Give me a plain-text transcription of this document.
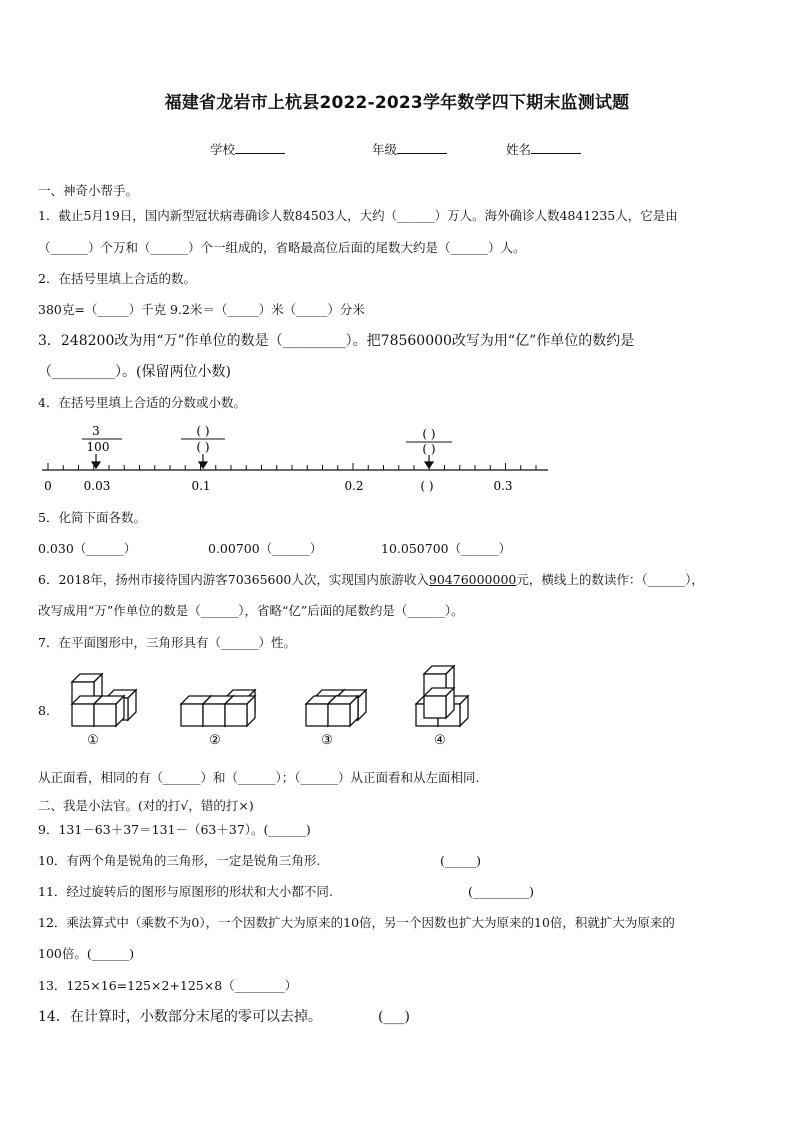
福建省龙岩市上杭县2022-2023学年数学四下期末监测试题
学校	年级	姓名
一、神奇小帮手。
1．截止5月19日，国内新型冠状病毒确诊人数84503人，大约（______）万人。海外确诊人数4841235人，它是由
（______）个万和（______）个一组成的，省略最高位后面的尾数大约是（______）人。
2．在括号里填上合适的数。
380克=（_____）千克 9.2米＝（_____）米（_____）分米
3．248200改为用“万”作单位的数是（_________）。把78560000改写为用“亿”作单位的数约是
（_________）。(保留两位小数)
4．在括号里填上合适的分数或小数。
3
100
( )
( )
( )
( )
0	0.03	0.1	0.2	( )	0.3
5．化简下面各数。
0.030（______）	0.00700（______）	10.050700（______）
6．2018年，扬州市接待国内游客70365600人次，实现国内旅游收入90476000000元，横线上的数读作：（______），
改写成用“万”作单位的数是（______），省略“亿”后面的尾数约是（______）。
7．在平面图形中，三角形具有（______）性。
8.
①	②	③	④
从正面看，相同的有（______）和（______）；（______）从正面看和从左面相同.
二、我是小法官。(对的打√，错的打×)
9．131－63＋37＝131－（63＋37）。(______)
10．有两个角是锐角的三角形，一定是锐角三角形.	(_____)
11．经过旋转后的图形与原图形的形状和大小都不同.	(_________)
12．乘法算式中（乘数不为0），一个因数扩大为原来的10倍，另一个因数也扩大为原来的10倍，积就扩大为原来的
100倍。(______)
13．125×16=125×2+125×8（________）
14．在计算时，小数部分末尾的零可以去掉。	(___)
